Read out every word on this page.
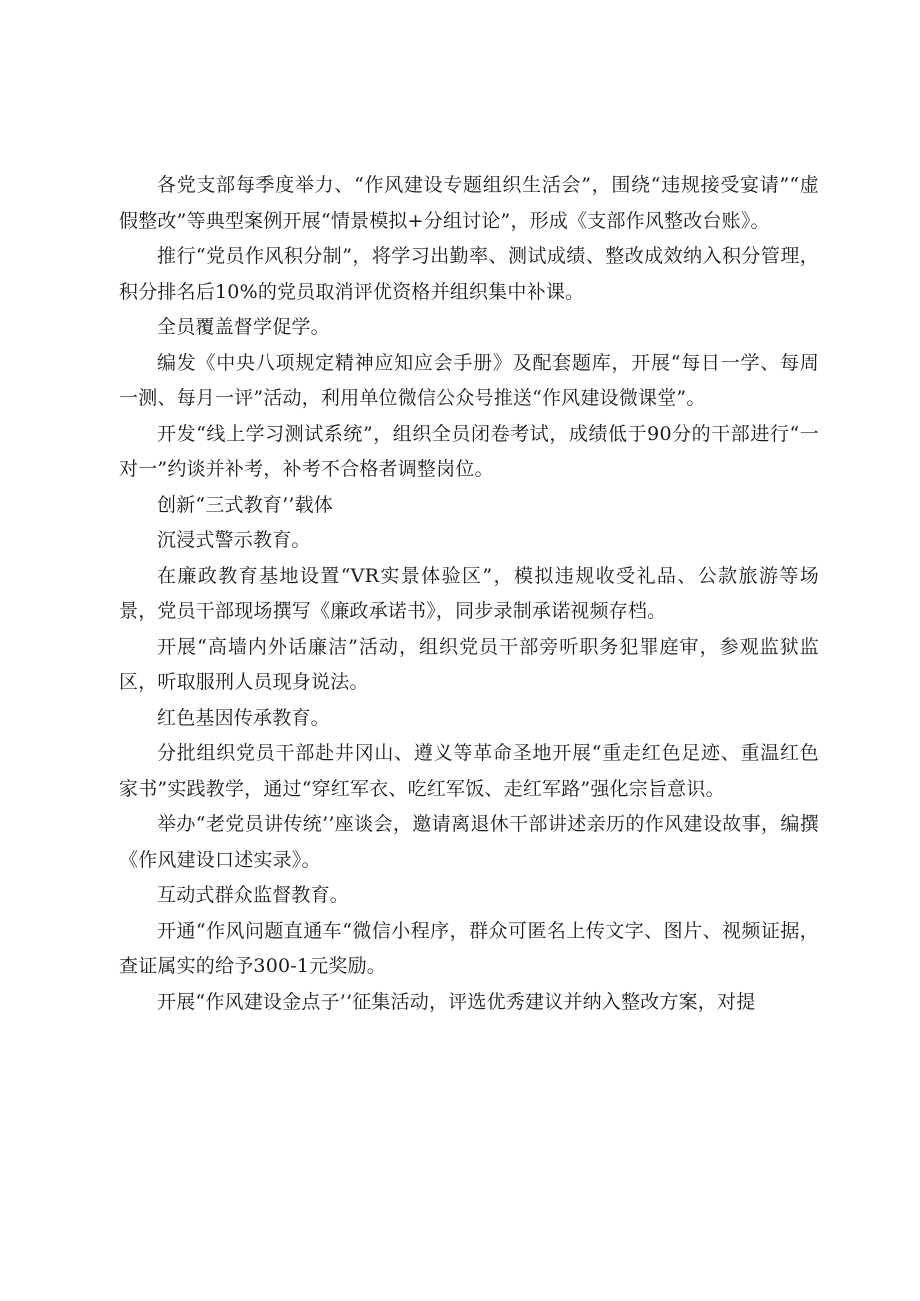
各党支部每季度举力、“作风建设专题组织生活会”，围绕“违规接受宴请”“虚假整改”等典型案例开展“情景模拟+分组讨论”，形成《支部作风整改台账》。

推行“党员作风积分制”，将学习出勤率、测试成绩、整改成效纳入积分管理，积分排名后10%的党员取消评优资格并组织集中补课。

全员覆盖督学促学。

编发《中央八项规定精神应知应会手册》及配套题库，开展“每日一学、每周一测、每月一评”活动，利用单位微信公众号推送“作风建设微课堂”。

开发“线上学习测试系统”，组织全员闭卷考试，成绩低于90分的干部进行“一对一”约谈并补考，补考不合格者调整岗位。

创新“三式教育’’载体

沉浸式警示教育。

在廉政教育基地设置“VR实景体验区”，模拟违规收受礼品、公款旅游等场景，党员干部现场撰写《廉政承诺书》，同步录制承诺视频存档。

开展“高墙内外话廉洁”活动，组织党员干部旁听职务犯罪庭审，参观监狱监区，听取服刑人员现身说法。

红色基因传承教育。

分批组织党员干部赴井冈山、遵义等革命圣地开展“重走红色足迹、重温红色家书”实践教学，通过“穿红军衣、吃红军饭、走红军路”强化宗旨意识。

举办“老党员讲传统’’座谈会，邀请离退休干部讲述亲历的作风建设故事，编撰《作风建设口述实录》。

互动式群众监督教育。

开通“作风问题直通车“微信小程序，群众可匿名上传文字、图片、视频证据，查证属实的给予300-1元奖励。

开展“作风建设金点子’’征集活动，评选优秀建议并纳入整改方案，对提
